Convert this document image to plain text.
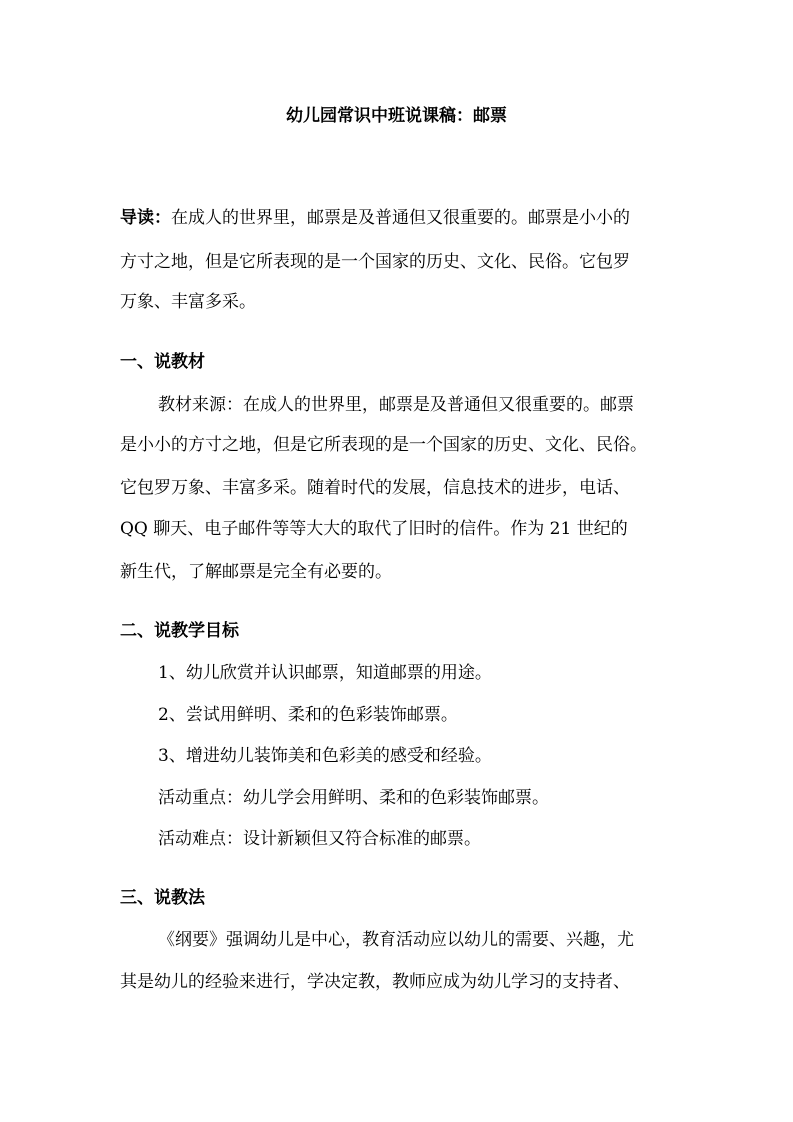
幼儿园常识中班说课稿：邮票
导读：在成人的世界里，邮票是及普通但又很重要的。邮票是小小的
方寸之地，但是它所表现的是一个国家的历史、文化、民俗。它包罗
万象、丰富多采。
一、说教材
教材来源：在成人的世界里，邮票是及普通但又很重要的。邮票
是小小的方寸之地，但是它所表现的是一个国家的历史、文化、民俗。
它包罗万象、丰富多采。随着时代的发展，信息技术的进步，电话、
QQ 聊天、电子邮件等等大大的取代了旧时的信件。作为 21 世纪的
新生代，了解邮票是完全有必要的。
二、说教学目标
1、幼儿欣赏并认识邮票，知道邮票的用途。
2、尝试用鲜明、柔和的色彩装饰邮票。
3、增进幼儿装饰美和色彩美的感受和经验。
活动重点：幼儿学会用鲜明、柔和的色彩装饰邮票。
活动难点：设计新颖但又符合标准的邮票。
三、说教法
《纲要》强调幼儿是中心，教育活动应以幼儿的需要、兴趣，尤
其是幼儿的经验来进行，学决定教，教师应成为幼儿学习的支持者、
